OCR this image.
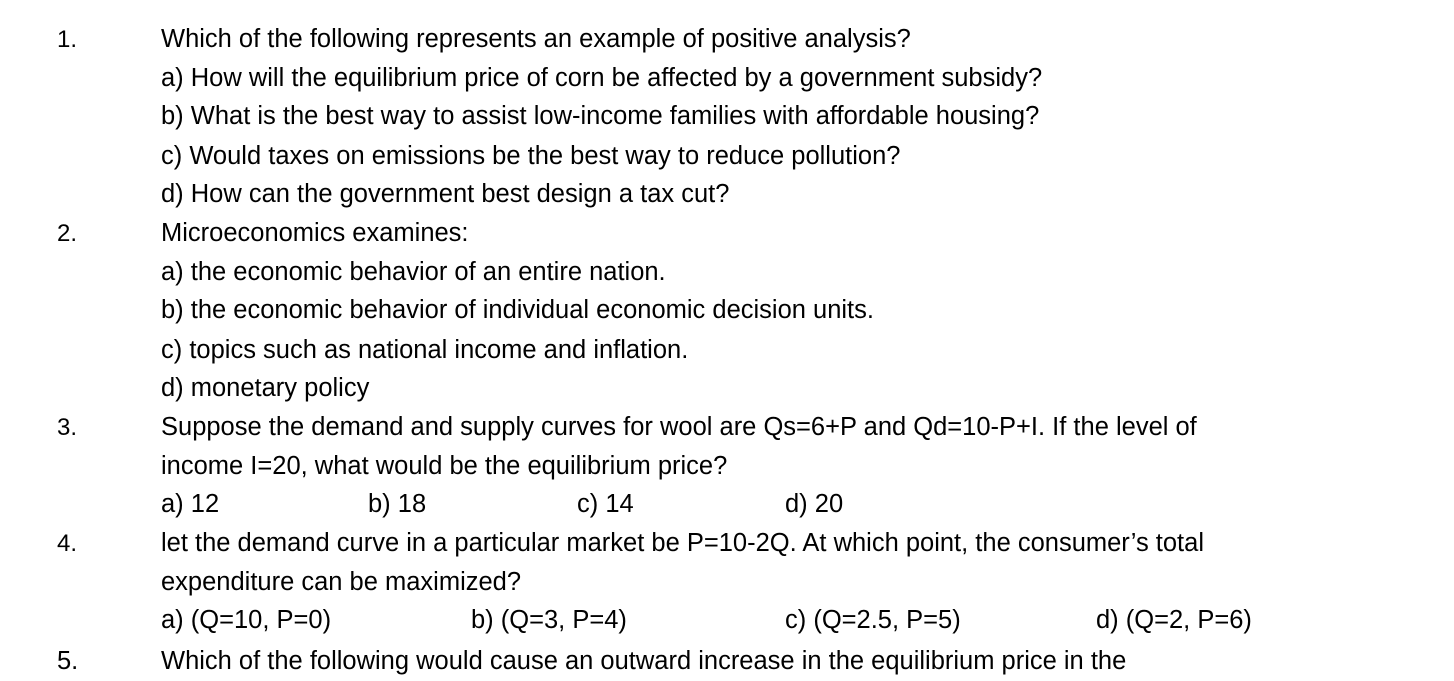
1.	Which of the following represents an example of positive analysis?
a) How will the equilibrium price of corn be affected by a government subsidy?
b) What is the best way to assist low-income families with affordable housing?
c) Would taxes on emissions be the best way to reduce pollution?
d) How can the government best design a tax cut?
2.	Microeconomics examines:
a) the economic behavior of an entire nation.
b) the economic behavior of individual economic decision units.
c) topics such as national income and inflation.
d) monetary policy
3.	Suppose the demand and supply curves for wool are Qs=6+P and Qd=10-P+I. If the level of
income I=20, what would be the equilibrium price?
a) 12	b) 18	c) 14	d) 20
4.	let the demand curve in a particular market be P=10-2Q. At which point, the consumer’s total
expenditure can be maximized?
a) (Q=10, P=0)	b) (Q=3, P=4)	c) (Q=2.5, P=5)	d) (Q=2, P=6)
5.	Which of the following would cause an outward increase in the equilibrium price in the
